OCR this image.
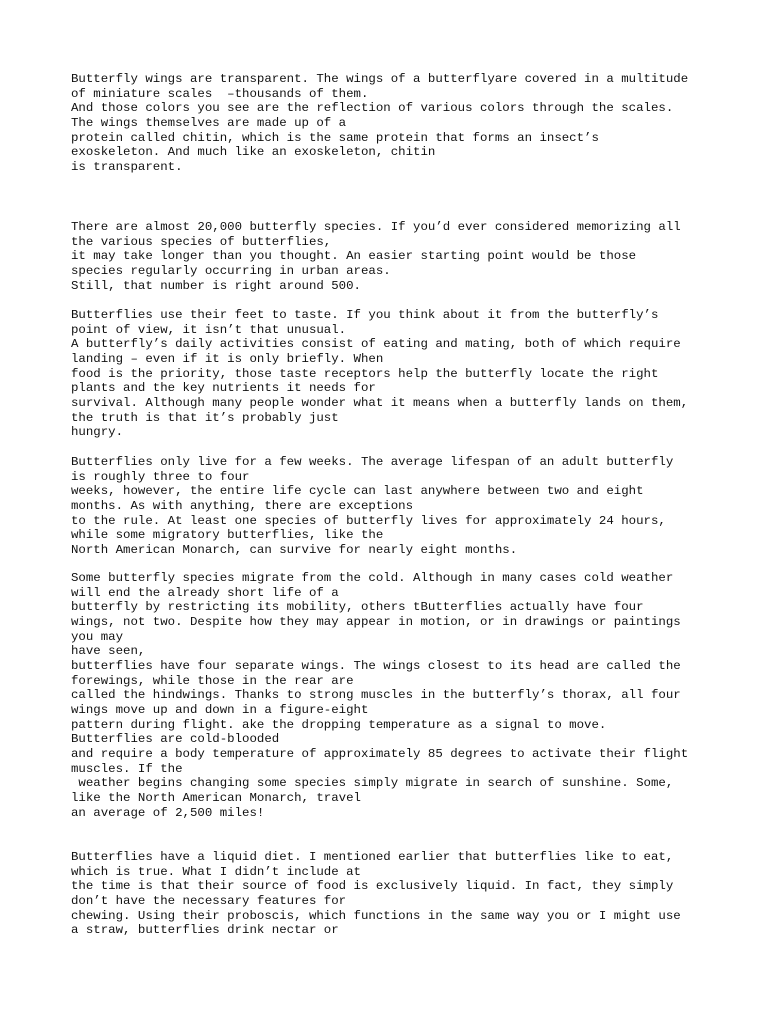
Butterfly wings are transparent. The wings of a butterflyare covered in a multitude
of miniature scales  –thousands of them.
And those colors you see are the reflection of various colors through the scales.
The wings themselves are made up of a
protein called chitin, which is the same protein that forms an insect’s
exoskeleton. And much like an exoskeleton, chitin
is transparent.

There are almost 20,000 butterfly species. If you’d ever considered memorizing all
the various species of butterflies,
it may take longer than you thought. An easier starting point would be those
species regularly occurring in urban areas.
Still, that number is right around 500.

Butterflies use their feet to taste. If you think about it from the butterfly’s
point of view, it isn’t that unusual.
A butterfly’s daily activities consist of eating and mating, both of which require
landing – even if it is only briefly. When
food is the priority, those taste receptors help the butterfly locate the right
plants and the key nutrients it needs for
survival. Although many people wonder what it means when a butterfly lands on them,
the truth is that it’s probably just
hungry.

Butterflies only live for a few weeks. The average lifespan of an adult butterfly
is roughly three to four
weeks, however, the entire life cycle can last anywhere between two and eight
months. As with anything, there are exceptions
to the rule. At least one species of butterfly lives for approximately 24 hours,
while some migratory butterflies, like the
North American Monarch, can survive for nearly eight months.

Some butterfly species migrate from the cold. Although in many cases cold weather
will end the already short life of a
butterfly by restricting its mobility, others tButterflies actually have four
wings, not two. Despite how they may appear in motion, or in drawings or paintings
you may
have seen,
butterflies have four separate wings. The wings closest to its head are called the
forewings, while those in the rear are
called the hindwings. Thanks to strong muscles in the butterfly’s thorax, all four
wings move up and down in a figure-eight
pattern during flight. ake the dropping temperature as a signal to move.
Butterflies are cold-blooded
and require a body temperature of approximately 85 degrees to activate their flight
muscles. If the
weather begins changing some species simply migrate in search of sunshine. Some,
like the North American Monarch, travel
an average of 2,500 miles!

Butterflies have a liquid diet. I mentioned earlier that butterflies like to eat,
which is true. What I didn’t include at
the time is that their source of food is exclusively liquid. In fact, they simply
don’t have the necessary features for
chewing. Using their proboscis, which functions in the same way you or I might use
a straw, butterflies drink nectar or
